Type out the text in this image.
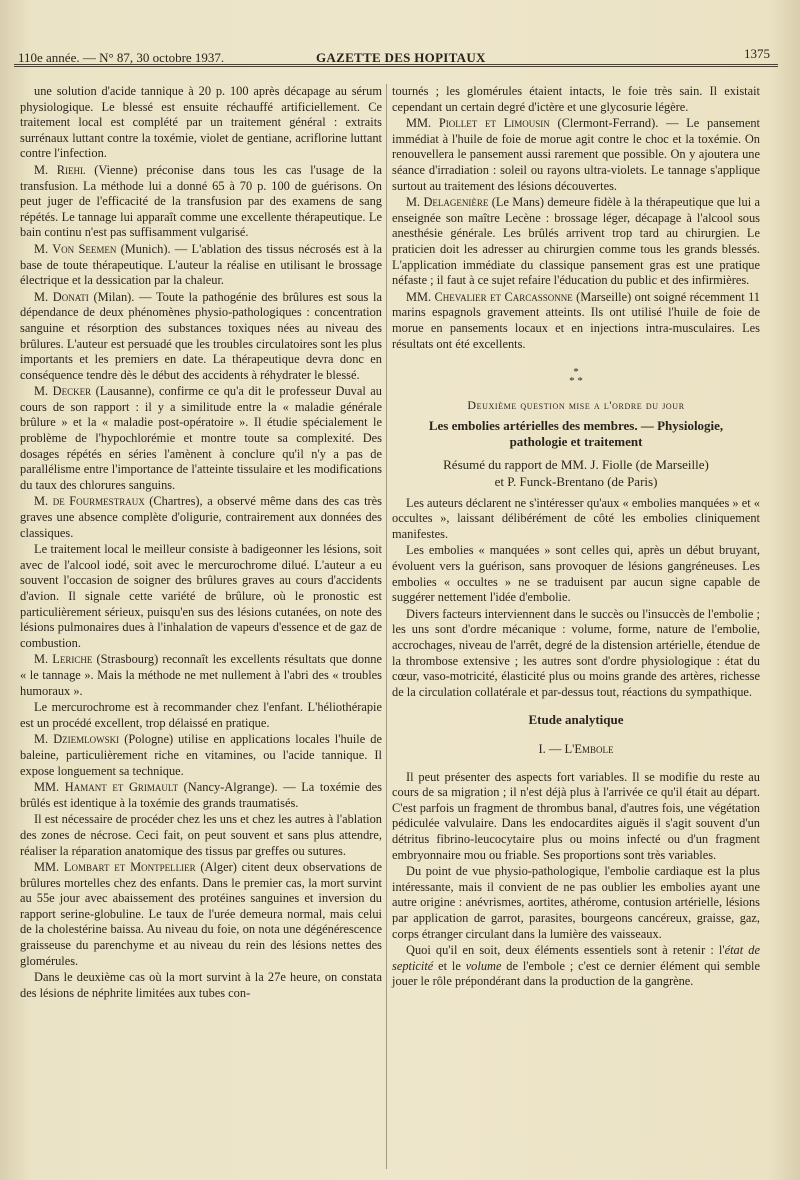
110e année. — N° 87, 30 octobre 1937.	GAZETTE DES HOPITAUX	1375

une solution d'acide tannique à 20 p. 100 après décapage au sérum physiologique. Le blessé est ensuite réchauffé artificiellement. Ce traitement local est complété par un traitement général : extraits surrénaux luttant contre la toxémie, violet de gentiane, acriflorine luttant contre l'infection.

M. Riehl (Vienne) préconise dans tous les cas l'usage de la transfusion. La méthode lui a donné 65 à 70 p. 100 de guérisons. On peut juger de l'efficacité de la transfusion par des examens de sang répétés. Le tannage lui apparaît comme une excellente thérapeutique. Le bain continu n'est pas suffisamment vulgarisé.

M. Von Seemen (Munich). — L'ablation des tissus nécrosés est à la base de toute thérapeutique. L'auteur la réalise en utilisant le brossage électrique et la dessication par la chaleur.

M. Donati (Milan). — Toute la pathogénie des brûlures est sous la dépendance de deux phénomènes physio-pathologiques : concentration sanguine et résorption des substances toxiques nées au niveau des brûlures. L'auteur est persuadé que les troubles circulatoires sont les plus importants et les premiers en date. La thérapeutique devra donc en conséquence tendre dès le début des accidents à réhydrater le blessé.

M. Decker (Lausanne), confirme ce qu'a dit le professeur Duval au cours de son rapport : il y a similitude entre la « maladie générale brûlure » et la « maladie post-opératoire ». Il étudie spécialement le problème de l'hypochlorémie et montre toute sa complexité. Des dosages répétés en séries l'amènent à conclure qu'il n'y a pas de parallélisme entre l'importance de l'atteinte tissulaire et les modifications du taux des chlorures sanguins.

M. de Fourmestraux (Chartres), a observé même dans des cas très graves une absence complète d'oligurie, contrairement aux données des classiques.

Le traitement local le meilleur consiste à badigeonner les lésions, soit avec de l'alcool iodé, soit avec le mercurochrome dilué. L'auteur a eu souvent l'occasion de soigner des brûlures graves au cours d'accidents d'avion. Il signale cette variété de brûlure, où le pronostic est particulièrement sérieux, puisqu'en sus des lésions cutanées, on note des lésions pulmonaires dues à l'inhalation de vapeurs d'essence et de gaz de combustion.

M. Leriche (Strasbourg) reconnaît les excellents résultats que donne « le tannage ». Mais la méthode ne met nullement à l'abri des « troubles humoraux ».

Le mercurochrome est à recommander chez l'enfant. L'héliothérapie est un procédé excellent, trop délaissé en pratique.

M. Dziemlowski (Pologne) utilise en applications locales l'huile de baleine, particulièrement riche en vitamines, ou l'acide tannique. Il expose longuement sa technique.

MM. Hamant et Grimault (Nancy-Algrange). — La toxémie des brûlés est identique à la toxémie des grands traumatisés.

Il est nécessaire de procéder chez les uns et chez les autres à l'ablation des zones de nécrose. Ceci fait, on peut souvent et sans plus attendre, réaliser la réparation anatomique des tissus par greffes ou sutures.

MM. Lombart et Montpellier (Alger) citent deux observations de brûlures mortelles chez des enfants. Dans le premier cas, la mort survint au 55e jour avec abaissement des protéines sanguines et inversion du rapport serine-globuline. Le taux de l'urée demeura normal, mais celui de la cholestérine baissa. Au niveau du foie, on nota une dégénérescence graisseuse du parenchyme et au niveau du rein des lésions nettes des glomérules.

Dans le deuxième cas où la mort survint à la 27e heure, on constata des lésions de néphrite limitées aux tubes con-

tournés ; les glomérules étaient intacts, le foie très sain. Il existait cependant un certain degré d'ictère et une glycosurie légère.

MM. Piollet et Limousin (Clermont-Ferrand). — Le pansement immédiat à l'huile de foie de morue agit contre le choc et la toxémie. On renouvellera le pansement aussi rarement que possible. On y ajoutera une séance d'irradiation : soleil ou rayons ultra-violets. Le tannage s'applique surtout au traitement des lésions découvertes.

M. Delagenière (Le Mans) demeure fidèle à la thérapeutique que lui a enseignée son maître Lecène : brossage léger, décapage à l'alcool sous anesthésie générale. Les brûlés arrivent trop tard au chirurgien. Le praticien doit les adresser au chirurgien comme tous les grands blessés. L'application immédiate du classique pansement gras est une pratique néfaste ; il faut à ce sujet refaire l'éducation du public et des infirmières.

MM. Chevalier et Carcassonne (Marseille) ont soigné récemment 11 marins espagnols gravement atteints. Ils ont utilisé l'huile de foie de morue en pansements locaux et en injections intra-musculaires. Les résultats ont été excellents.

*
* *
Deuxième question mise a l'ordre du jour
Les embolies artérielles des membres. — Physiologie,
pathologie et traitement
Résumé du rapport de MM. J. Fiolle (de Marseille)
et P. Funck-Brentano (de Paris)

Les auteurs déclarent ne s'intéresser qu'aux « embolies manquées » et « occultes », laissant délibérément de côté les embolies cliniquement manifestes.

Les embolies « manquées » sont celles qui, après un début bruyant, évoluent vers la guérison, sans provoquer de lésions gangréneuses. Les embolies « occultes » ne se traduisent par aucun signe capable de suggérer nettement l'idée d'embolie.

Divers facteurs interviennent dans le succès ou l'insuccès de l'embolie ; les uns sont d'ordre mécanique : volume, forme, nature de l'embolie, accrochages, niveau de l'arrêt, degré de la distension artérielle, étendue de la thrombose extensive ; les autres sont d'ordre physiologique : état du cœur, vaso-motricité, élasticité plus ou moins grande des artères, richesse de la circulation collatérale et par-dessus tout, réactions du sympathique.

Etude analytique
I. — L'Embole

Il peut présenter des aspects fort variables. Il se modifie du reste au cours de sa migration ; il n'est déjà plus à l'arrivée ce qu'il était au départ. C'est parfois un fragment de thrombus banal, d'autres fois, une végétation pédiculée valvulaire. Dans les endocardites aiguës il s'agit souvent d'un détritus fibrino-leucocytaire plus ou moins infecté ou d'un fragment embryonnaire mou ou friable. Ses proportions sont très variables.

Du point de vue physio-pathologique, l'embolie cardiaque est la plus intéressante, mais il convient de ne pas oublier les embolies ayant une autre origine : anévrismes, aortites, athérome, contusion artérielle, lésions par application de garrot, parasites, bourgeons cancéreux, graisse, gaz, corps étranger circulant dans la lumière des vaisseaux.

Quoi qu'il en soit, deux éléments essentiels sont à retenir : l'état de septicité et le volume de l'embole ; c'est ce dernier élément qui semble jouer le rôle prépondérant dans la production de la gangrène.
